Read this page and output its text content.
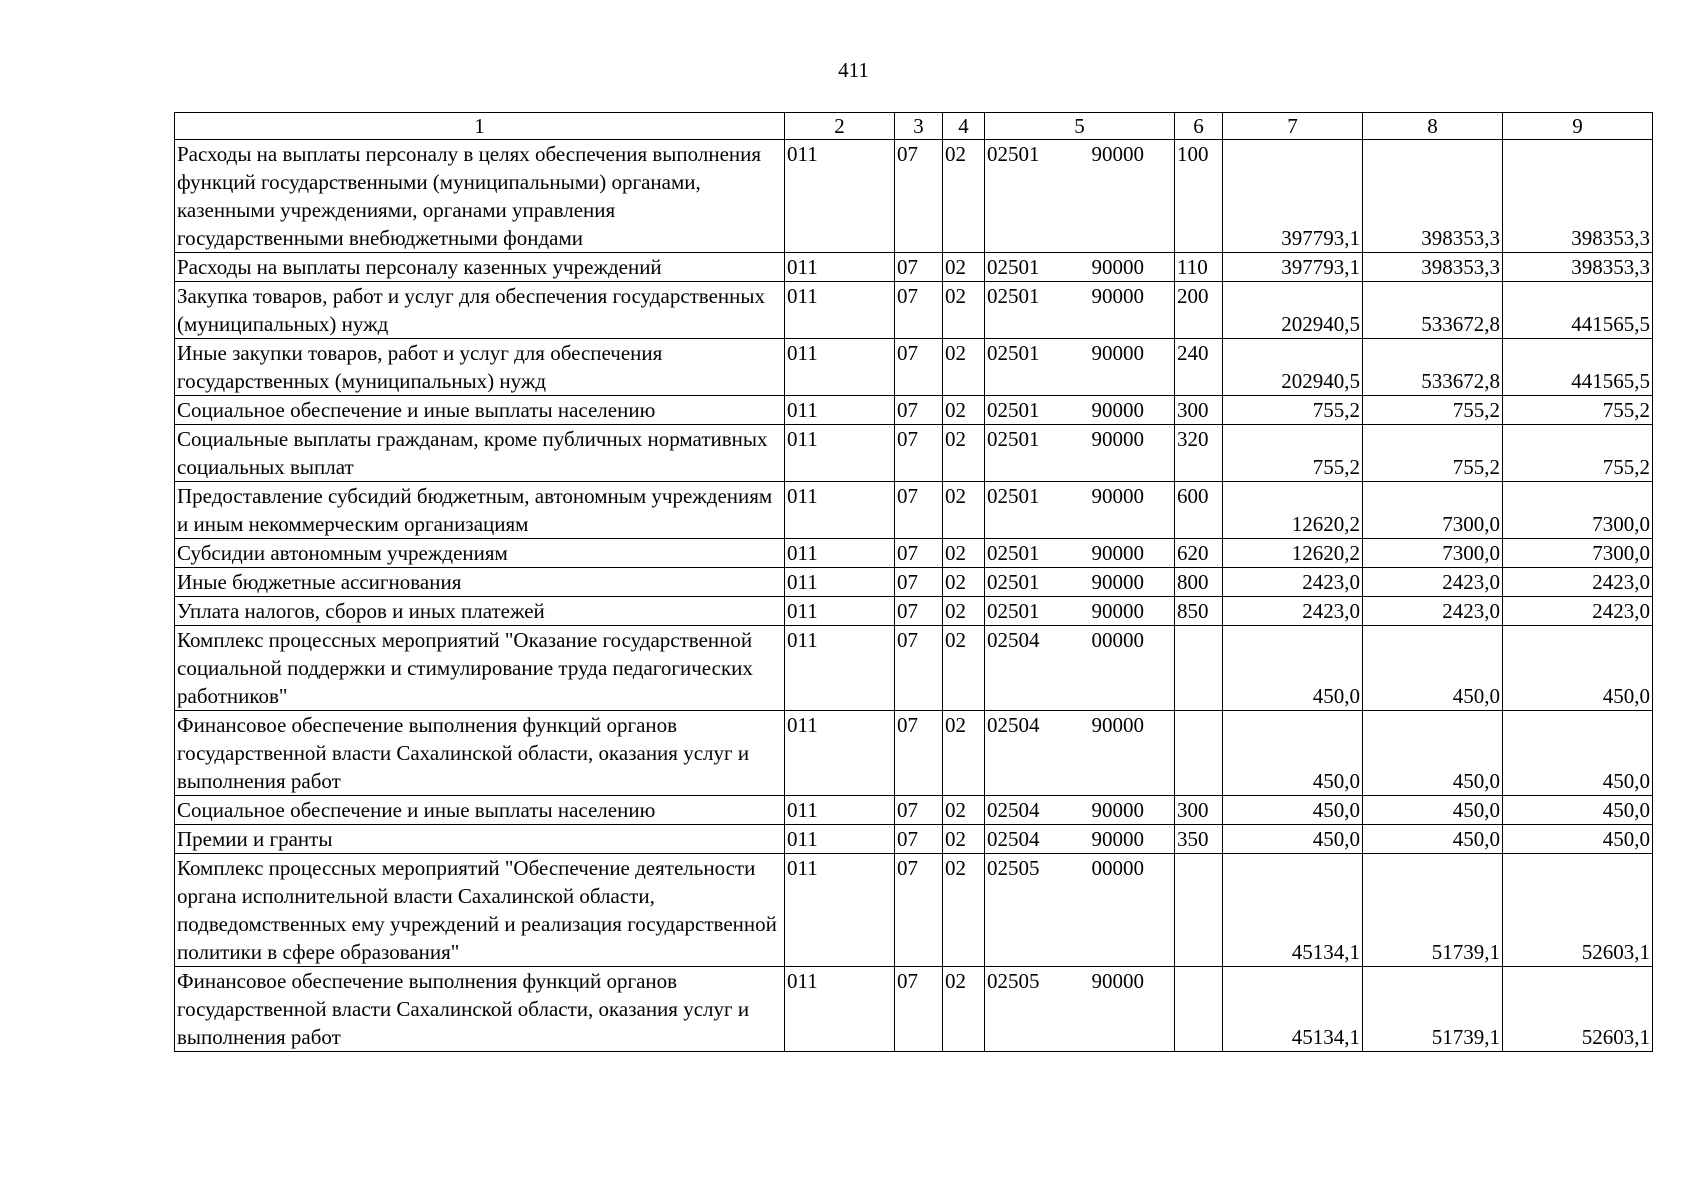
411
1	2	3	4	5	6	7	8	9
Расходы на выплаты персоналу в целях обеспечения выполнения функций государственными (муниципальными) органами, казенными учреждениями, органами управления государственными внебюджетными фондами	011	07	02	02501 90000	100	397793,1	398353,3	398353,3
Расходы на выплаты персоналу казенных учреждений	011	07	02	02501 90000	110	397793,1	398353,3	398353,3
Закупка товаров, работ и услуг для обеспечения государственных (муниципальных) нужд	011	07	02	02501 90000	200	202940,5	533672,8	441565,5
Иные закупки товаров, работ и услуг для обеспечения государственных (муниципальных) нужд	011	07	02	02501 90000	240	202940,5	533672,8	441565,5
Социальное обеспечение и иные выплаты населению	011	07	02	02501 90000	300	755,2	755,2	755,2
Социальные выплаты гражданам, кроме публичных нормативных социальных выплат	011	07	02	02501 90000	320	755,2	755,2	755,2
Предоставление субсидий бюджетным, автономным учреждениям и иным некоммерческим организациям	011	07	02	02501 90000	600	12620,2	7300,0	7300,0
Субсидии автономным учреждениям	011	07	02	02501 90000	620	12620,2	7300,0	7300,0
Иные бюджетные ассигнования	011	07	02	02501 90000	800	2423,0	2423,0	2423,0
Уплата налогов, сборов и иных платежей	011	07	02	02501 90000	850	2423,0	2423,0	2423,0
Комплекс процессных мероприятий "Оказание государственной социальной поддержки и стимулирование труда педагогических работников"	011	07	02	02504 00000		450,0	450,0	450,0
Финансовое обеспечение выполнения функций органов государственной власти Сахалинской области, оказания услуг и выполнения работ	011	07	02	02504 90000		450,0	450,0	450,0
Социальное обеспечение и иные выплаты населению	011	07	02	02504 90000	300	450,0	450,0	450,0
Премии и гранты	011	07	02	02504 90000	350	450,0	450,0	450,0
Комплекс процессных мероприятий "Обеспечение деятельности органа исполнительной власти Сахалинской области, подведомственных ему учреждений и реализация государственной политики в сфере образования"	011	07	02	02505 00000		45134,1	51739,1	52603,1
Финансовое обеспечение выполнения функций органов государственной власти Сахалинской области, оказания услуг и выполнения работ	011	07	02	02505 90000		45134,1	51739,1	52603,1
